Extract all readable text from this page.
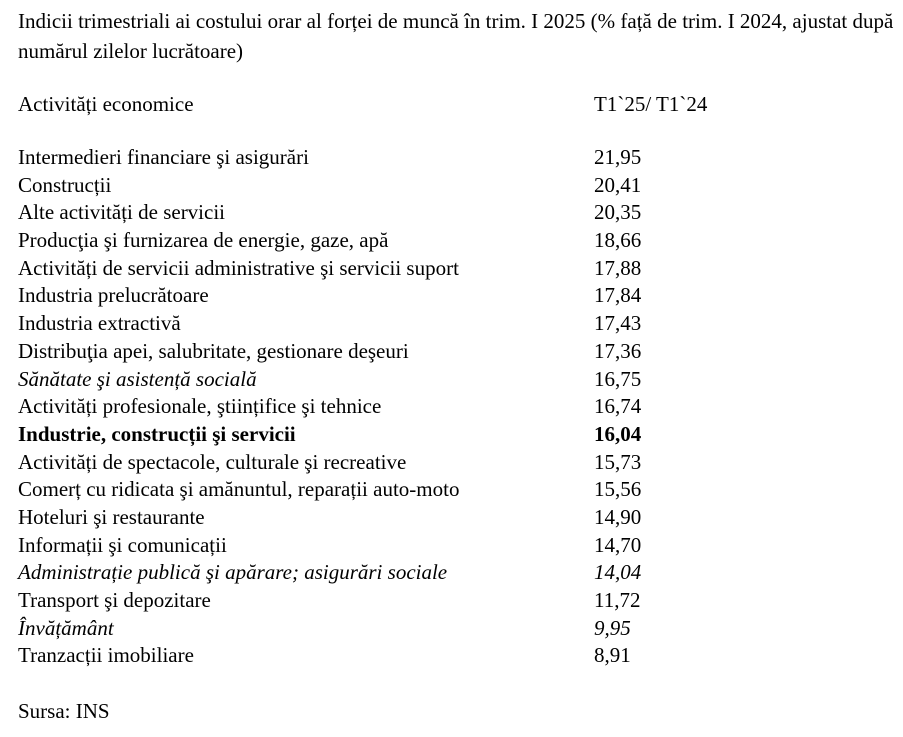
Indicii trimestriali ai costului orar al forței de muncă în trim. I 2025 (% față de trim. I 2024, ajustat după numărul zilelor lucrătoare)

Activități economice	T1`25/ T1`24
Intermedieri financiare şi asigurări	21,95
Construcții	20,41
Alte activități de servicii	20,35
Producţia şi furnizarea de energie, gaze, apă	18,66
Activități de servicii administrative şi servicii suport	17,88
Industria prelucrătoare	17,84
Industria extractivă	17,43
Distribuţia apei, salubritate, gestionare deşeuri	17,36
Sănătate şi asistență socială	16,75
Activități profesionale, ştiințifice şi tehnice	16,74
Industrie, construcții şi servicii	16,04
Activități de spectacole, culturale şi recreative	15,73
Comerț cu ridicata şi amănuntul, reparații auto-moto	15,56
Hoteluri şi restaurante	14,90
Informații şi comunicații	14,70
Administrație publică şi apărare; asigurări sociale	14,04
Transport şi depozitare	11,72
Învățământ	9,95
Tranzacții imobiliare	8,91
Sursa: INS
